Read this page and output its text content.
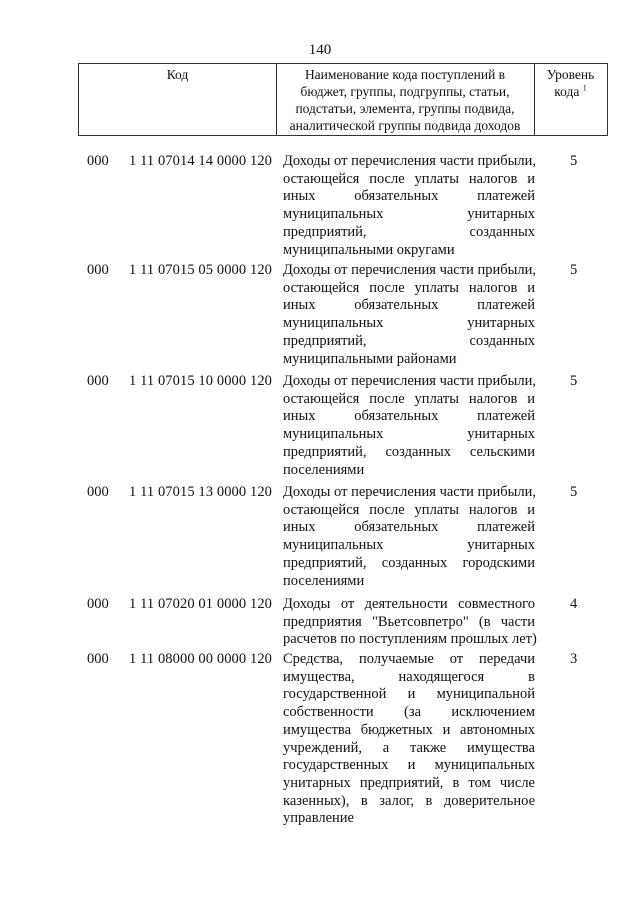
140
Код	Наименование кода поступлений в
бюджет, группы, подгруппы, статьи,
подстатьи, элемента, группы подвида,
аналитической группы подвида доходов
Уровень
кода $^1$
000 1 11 07014 14 0000 120 Доходы от перечисления части прибыли,
остающейся после уплаты налогов и
иных обязательных платежей
муниципальных унитарных
предприятий, созданных
муниципальными округами
5
000 1 11 07015 05 0000 120 Доходы от перечисления части прибыли,
остающейся после уплаты налогов и
иных обязательных платежей
муниципальных унитарных
предприятий, созданных
муниципальными районами
5
000 1 11 07015 10 0000 120 Доходы от перечисления части прибыли,
остающейся после уплаты налогов и
иных обязательных платежей
муниципальных унитарных
предприятий, созданных сельскими
поселениями
5
000 1 11 07015 13 0000 120 Доходы от перечисления части прибыли,
остающейся после уплаты налогов и
иных обязательных платежей
муниципальных унитарных
предприятий, созданных городскими
поселениями
5
000 1 11 07020 01 0000 120 Доходы от деятельности совместного
предприятия "Вьетсовпетро" (в части
расчетов по поступлениям прошлых лет)
4
000 1 11 08000 00 0000 120 Средства, получаемые от передачи
имущества, находящегося в
государственной и муниципальной
собственности (за исключением
имущества бюджетных и автономных
учреждений, а также имущества
государственных и муниципальных
унитарных предприятий, в том числе
казенных), в залог, в доверительное
управление
3
